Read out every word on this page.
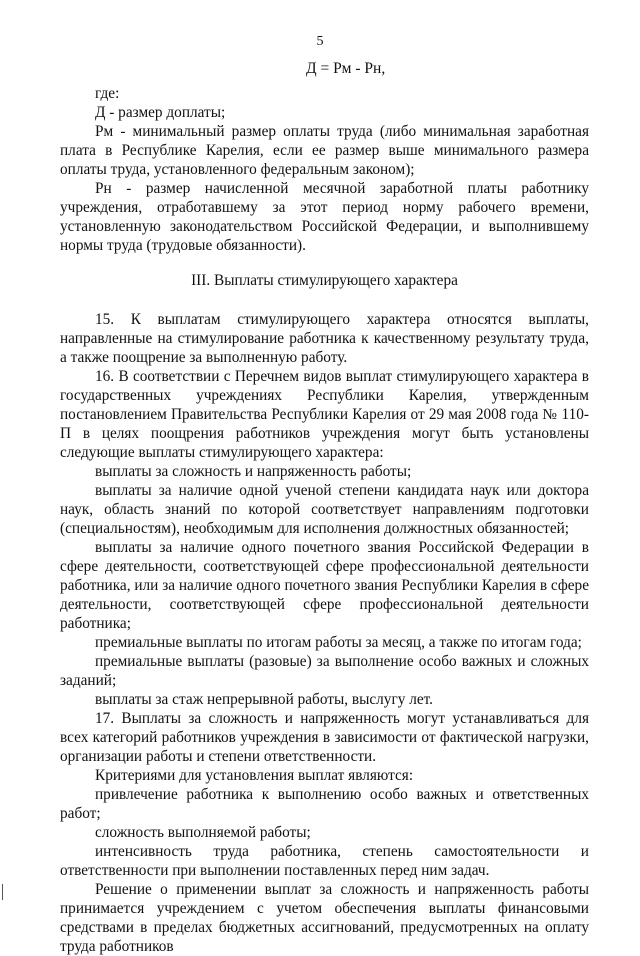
5
Д = Рм - Рн,

где:

Д - размер доплаты;

Рм - минимальный размер оплаты труда (либо минимальная заработная плата в Республике Карелия, если ее размер выше минимального размера оплаты труда, установленного федеральным законом);

Рн - размер начисленной месячной заработной платы работнику учреждения, отработавшему за этот период норму рабочего времени, установленную законодательством Российской Федерации, и выполнившему нормы труда (трудовые обязанности).

III. Выплаты стимулирующего характера

15. К выплатам стимулирующего характера относятся выплаты, направленные на стимулирование работника к качественному результату труда, а также поощрение за выполненную работу.

16. В соответствии с Перечнем видов выплат стимулирующего характера в государственных учреждениях Республики Карелия, утвержденным постановлением Правительства Республики Карелия от 29 мая 2008 года № 110-П в целях поощрения работников учреждения могут быть установлены следующие выплаты стимулирующего характера:

выплаты за сложность и напряженность работы;

выплаты за наличие одной ученой степени кандидата наук или доктора наук, область знаний по которой соответствует направлениям подготовки (специальностям), необходимым для исполнения должностных обязанностей;

выплаты за наличие одного почетного звания Российской Федерации в сфере деятельности, соответствующей сфере профессиональной деятельности работника, или за наличие одного почетного звания Республики Карелия в сфере деятельности, соответствующей сфере профессиональной деятельности работника;

премиальные выплаты по итогам работы за месяц, а также по итогам года;

премиальные выплаты (разовые) за выполнение особо важных и сложных заданий;

выплаты за стаж непрерывной работы, выслугу лет.

17. Выплаты за сложность и напряженность могут устанавливаться для всех категорий работников учреждения в зависимости от фактической нагрузки, организации работы и степени ответственности.

Критериями для установления выплат являются:

привлечение работника к выполнению особо важных и ответственных работ;

сложность выполняемой работы;

интенсивность труда работника, степень самостоятельности и ответственности при выполнении поставленных перед ним задач.

Решение о применении выплат за сложность и напряженность работы принимается учреждением с учетом обеспечения выплаты финансовыми средствами в пределах бюджетных ассигнований, предусмотренных на оплату труда работников
